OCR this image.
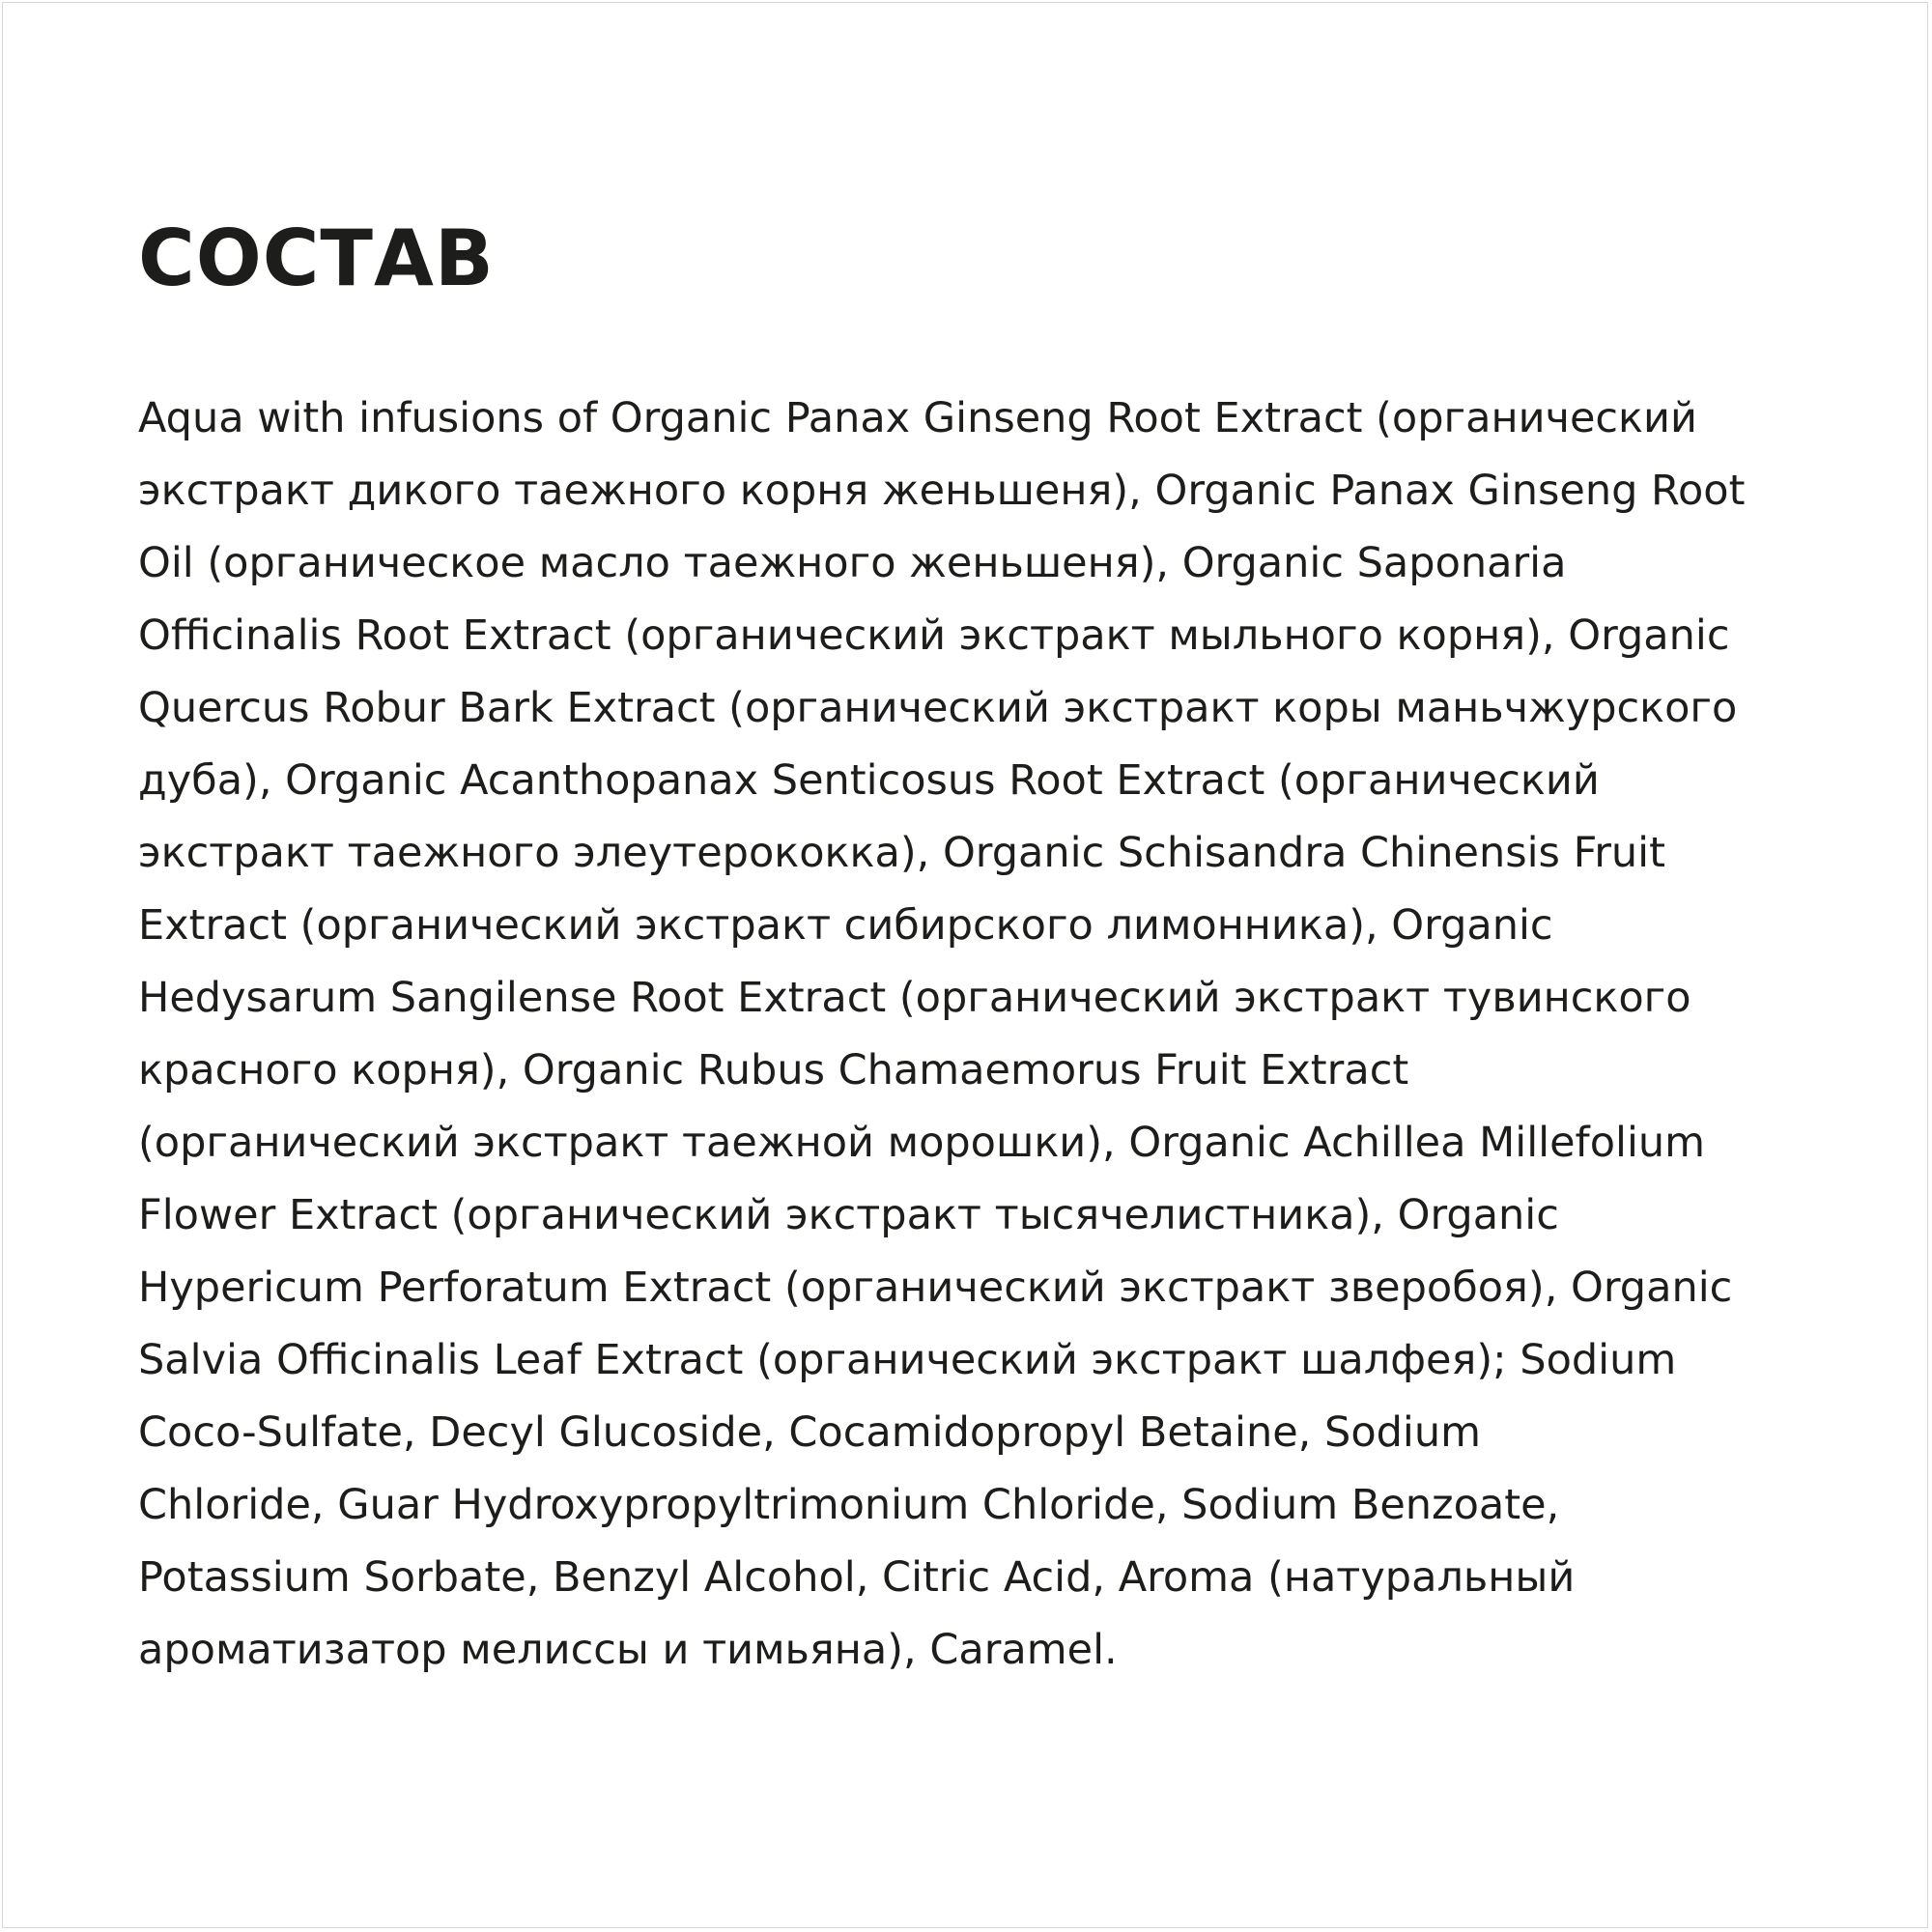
СОСТАВ
Aqua with infusions of Organic Panax Ginseng Root Extract (органический
экстракт дикого таежного корня женьшеня), Organic Panax Ginseng Root
Oil (органическое масло таежного женьшеня), Organic Saponaria
Officinalis Root Extract (органический экстракт мыльного корня), Organic
Quercus Robur Bark Extract (органический экстракт коры маньчжурского
дуба), Organic Acanthopanax Senticosus Root Extract (органический
экстракт таежного элеутерококка), Organic Schisandra Chinensis Fruit
Extract (органический экстракт сибирского лимонника), Organic
Hedysarum Sangilense Root Extract (органический экстракт тувинского
красного корня), Organic Rubus Chamaemorus Fruit Extract
(органический экстракт таежной морошки), Organic Achillea Millefolium
Flower Extract (органический экстракт тысячелистника), Organic
Hypericum Perforatum Extract (органический экстракт зверобоя), Organic
Salvia Officinalis Leaf Extract (органический экстракт шалфея); Sodium
Coco-Sulfate, Decyl Glucoside, Cocamidopropyl Betaine, Sodium
Chloride, Guar Hydroxypropyltrimonium Chloride, Sodium Benzoate,
Potassium Sorbate, Benzyl Alcohol, Citric Acid, Aroma (натуральный
ароматизатор мелиссы и тимьяна), Caramel.
